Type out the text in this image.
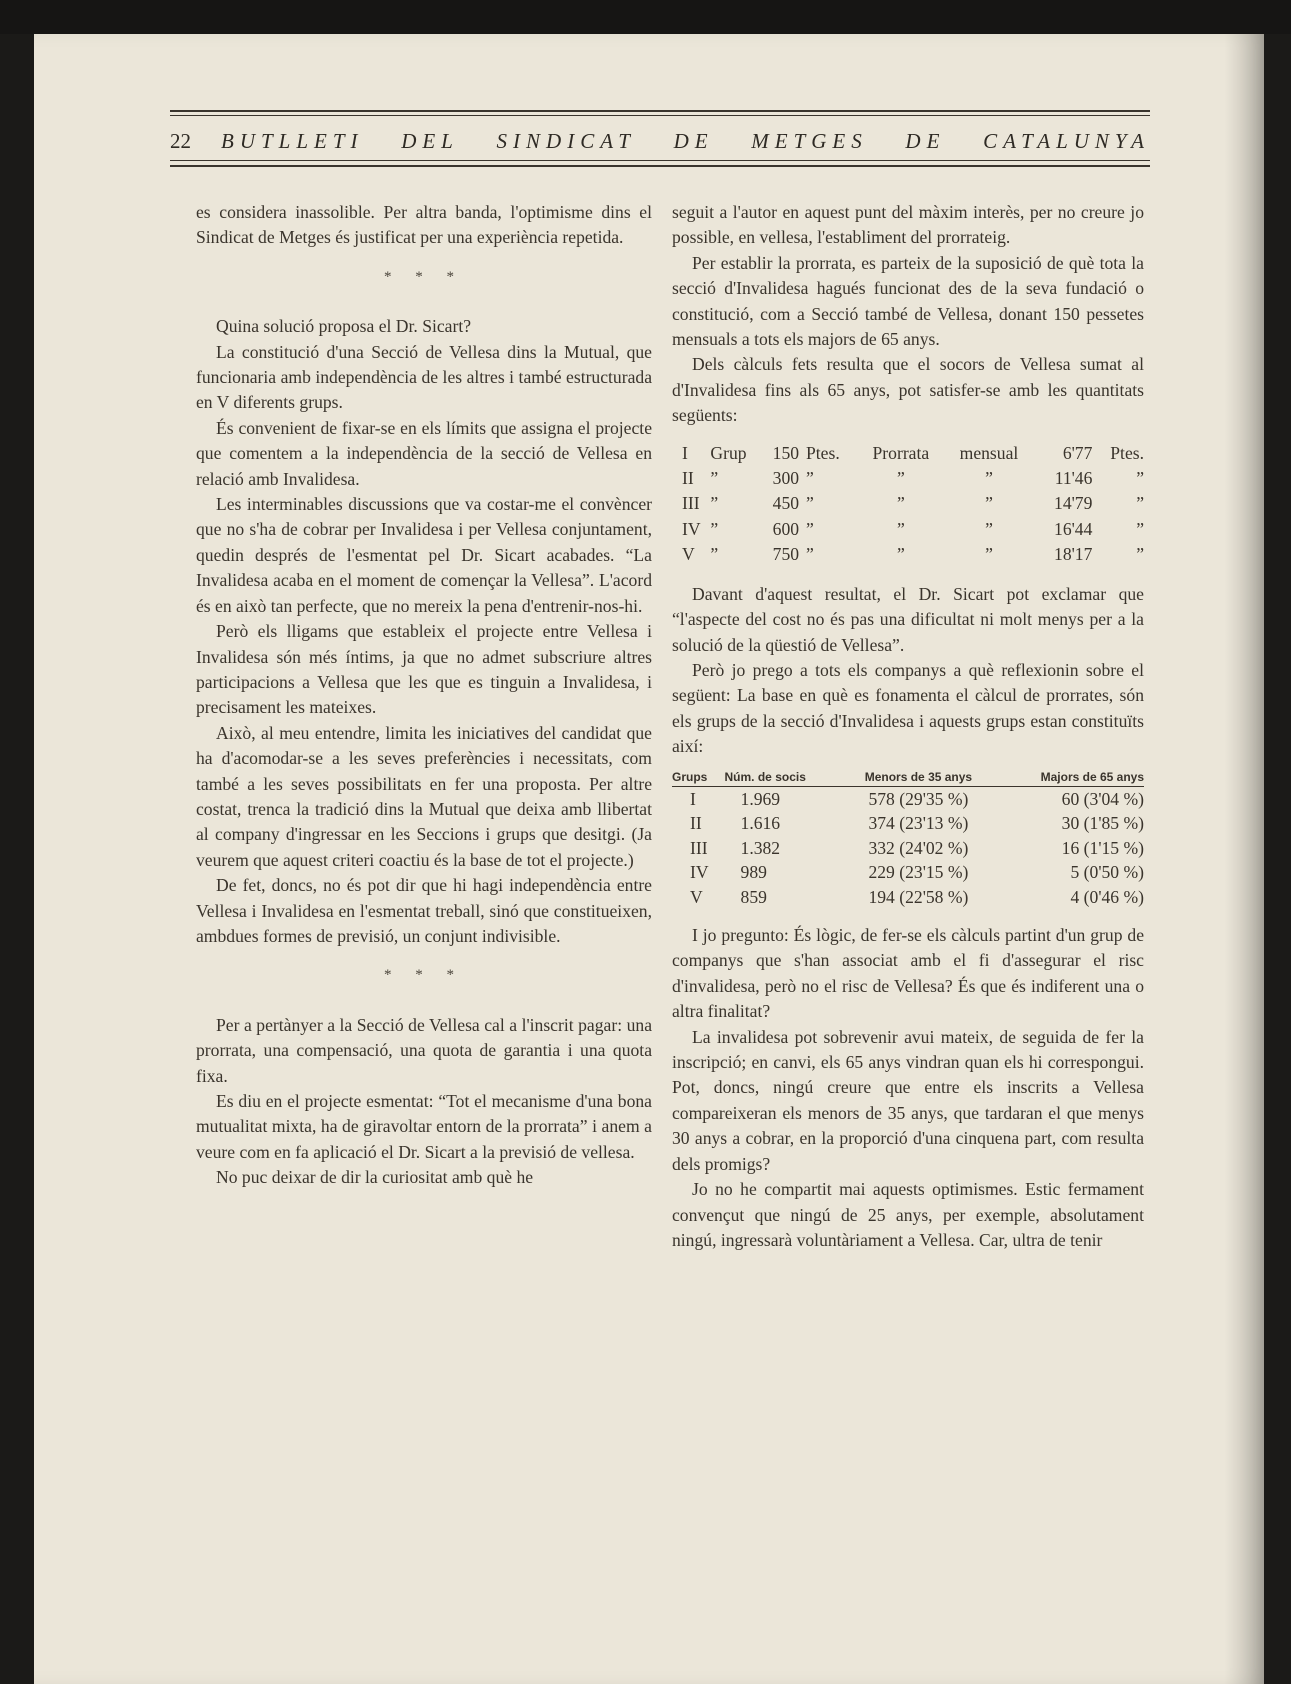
22 BUTLLETI DEL SINDICAT DE METGES DE CATALUNYA

es considera inassolible. Per altra banda, l'optimisme dins el Sindicat de Metges és justificat per una experiència repetida.

* * *

Quina solució proposa el Dr. Sicart?

La constitució d'una Secció de Vellesa dins la Mutual, que funcionaria amb independència de les altres i també estructurada en V diferents grups.

És convenient de fixar-se en els límits que assigna el projecte que comentem a la independència de la secció de Vellesa en relació amb Invalidesa.

Les interminables discussions que va costar-me el convèncer que no s'ha de cobrar per Invalidesa i per Vellesa conjuntament, quedin després de l'esmentat pel Dr. Sicart acabades. “La Invalidesa acaba en el moment de començar la Vellesa”. L'acord és en això tan perfecte, que no mereix la pena d'entrenir-nos-hi.

Però els lligams que estableix el projecte entre Vellesa i Invalidesa són més íntims, ja que no admet subscriure altres participacions a Vellesa que les que es tinguin a Invalidesa, i precisament les mateixes.

Això, al meu entendre, limita les iniciatives del candidat que ha d'acomodar-se a les seves preferències i necessitats, com també a les seves possibilitats en fer una proposta. Per altre costat, trenca la tradició dins la Mutual que deixa amb llibertat al company d'ingressar en les Seccions i grups que desitgi. (Ja veurem que aquest criteri coactiu és la base de tot el projecte.)

De fet, doncs, no és pot dir que hi hagi independència entre Vellesa i Invalidesa en l'esmentat treball, sinó que constitueixen, ambdues formes de previsió, un conjunt indivisible.

* * *

Per a pertànyer a la Secció de Vellesa cal a l'inscrit pagar: una prorrata, una compensació, una quota de garantia i una quota fixa.

Es diu en el projecte esmentat: “Tot el mecanisme d'una bona mutualitat mixta, ha de giravoltar entorn de la prorrata” i anem a veure com en fa aplicació el Dr. Sicart a la previsió de vellesa.

No puc deixar de dir la curiositat amb què he

seguit a l'autor en aquest punt del màxim interès, per no creure jo possible, en vellesa, l'establiment del prorrateig.

Per establir la prorrata, es parteix de la suposició de què tota la secció d'Invalidesa hagués funcionat des de la seva fundació o constitució, com a Secció també de Vellesa, donant 150 pessetes mensuals a tots els majors de 65 anys.

Dels càlculs fets resulta que el socors de Vellesa sumat al d'Invalidesa fins als 65 anys, pot satisfer-se amb les quantitats següents:

I	Grup	150	Ptes.	Prorrata	mensual	6'77	Ptes.
II	”	300	”	”	”	11'46	”
III	”	450	”	”	”	14'79	”
IV	”	600	”	”	”	16'44	”
V	”	750	”	”	”	18'17	”

Davant d'aquest resultat, el Dr. Sicart pot exclamar que “l'aspecte del cost no és pas una dificultat ni molt menys per a la solució de la qüestió de Vellesa”.

Però jo prego a tots els companys a què reflexionin sobre el següent: La base en què es fonamenta el càlcul de prorrates, són els grups de la secció d'Invalidesa i aquests grups estan constituïts així:

Grups	Núm. de socis	Menors de 35 anys	Majors de 65 anys
I	1.969	578 (29'35 %)	60 (3'04 %)
II	1.616	374 (23'13 %)	30 (1'85 %)
III	1.382	332 (24'02 %)	16 (1'15 %)
IV	989	229 (23'15 %)	5 (0'50 %)
V	859	194 (22'58 %)	4 (0'46 %)

I jo pregunto: És lògic, de fer-se els càlculs partint d'un grup de companys que s'han associat amb el fi d'assegurar el risc d'invalidesa, però no el risc de Vellesa? És que és indiferent una o altra finalitat?

La invalidesa pot sobrevenir avui mateix, de seguida de fer la inscripció; en canvi, els 65 anys vindran quan els hi correspongui. Pot, doncs, ningú creure que entre els inscrits a Vellesa compareixeran els menors de 35 anys, que tardaran el que menys 30 anys a cobrar, en la proporció d'una cinquena part, com resulta dels promigs?

Jo no he compartit mai aquests optimismes. Estic fermament convençut que ningú de 25 anys, per exemple, absolutament ningú, ingressarà voluntàriament a Vellesa. Car, ultra de tenir
